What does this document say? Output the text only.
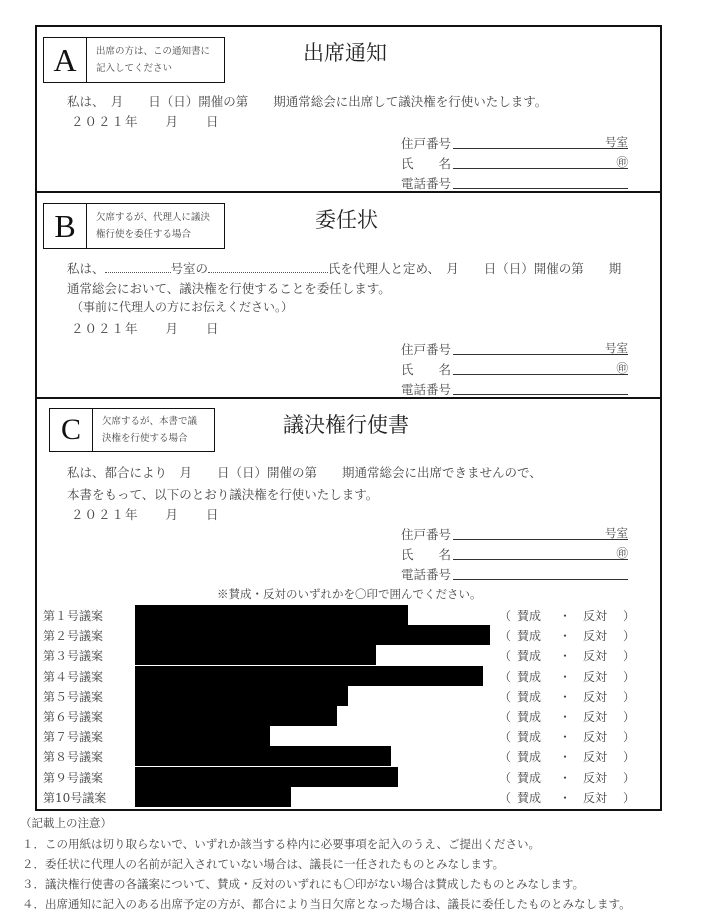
A	出席の方は、この通知書に
記入してください
出席通知
私は、　月　　日（日）開催の第　　期通常総会に出席して議決権を行使いたします。
２０２１年　　月　　日
住戸番号	号室
氏　　名	㊞
電話番号
B	欠席するが、代理人に議決
権行使を委任する場合
委任状
私は、	号室の	氏を代理人と定め、　月　　日（日）開催の第　　期
通常総会において、議決権を行使することを委任します。
（事前に代理人の方にお伝えください。）
２０２１年　　月　　日
住戸番号	号室
氏　　名	㊞
電話番号
C	欠席するが、本書で議
決権を行使する場合
議決権行使書
私は、都合により　月　　日（日）開催の第　　期通常総会に出席できませんので、
本書をもって、以下のとおり議決権を行使いたします。
２０２１年　　月　　日
住戸番号	号室
氏　　名	㊞
電話番号
※賛成・反対のいずれかを〇印で囲んでください。
第１号議案	（ 賛成 ・ 反対 ）
第２号議案	（ 賛成 ・ 反対 ）
第３号議案	（ 賛成 ・ 反対 ）
第４号議案	（ 賛成 ・ 反対 ）
第５号議案	（ 賛成 ・ 反対 ）
第６号議案	（ 賛成 ・ 反対 ）
第７号議案	（ 賛成 ・ 反対 ）
第８号議案	（ 賛成 ・ 反対 ）
第９号議案	（ 賛成 ・ 反対 ）
第10号議案	（ 賛成 ・ 反対 ）
（記載上の注意）
１．この用紙は切り取らないで、いずれか該当する枠内に必要事項を記入のうえ、ご提出ください。
２．委任状に代理人の名前が記入されていない場合は、議長に一任されたものとみなします。
３．議決権行使書の各議案について、賛成・反対のいずれにも〇印がない場合は賛成したものとみなします。
４．出席通知に記入のある出席予定の方が、都合により当日欠席となった場合は、議長に委任したものとみなします。
